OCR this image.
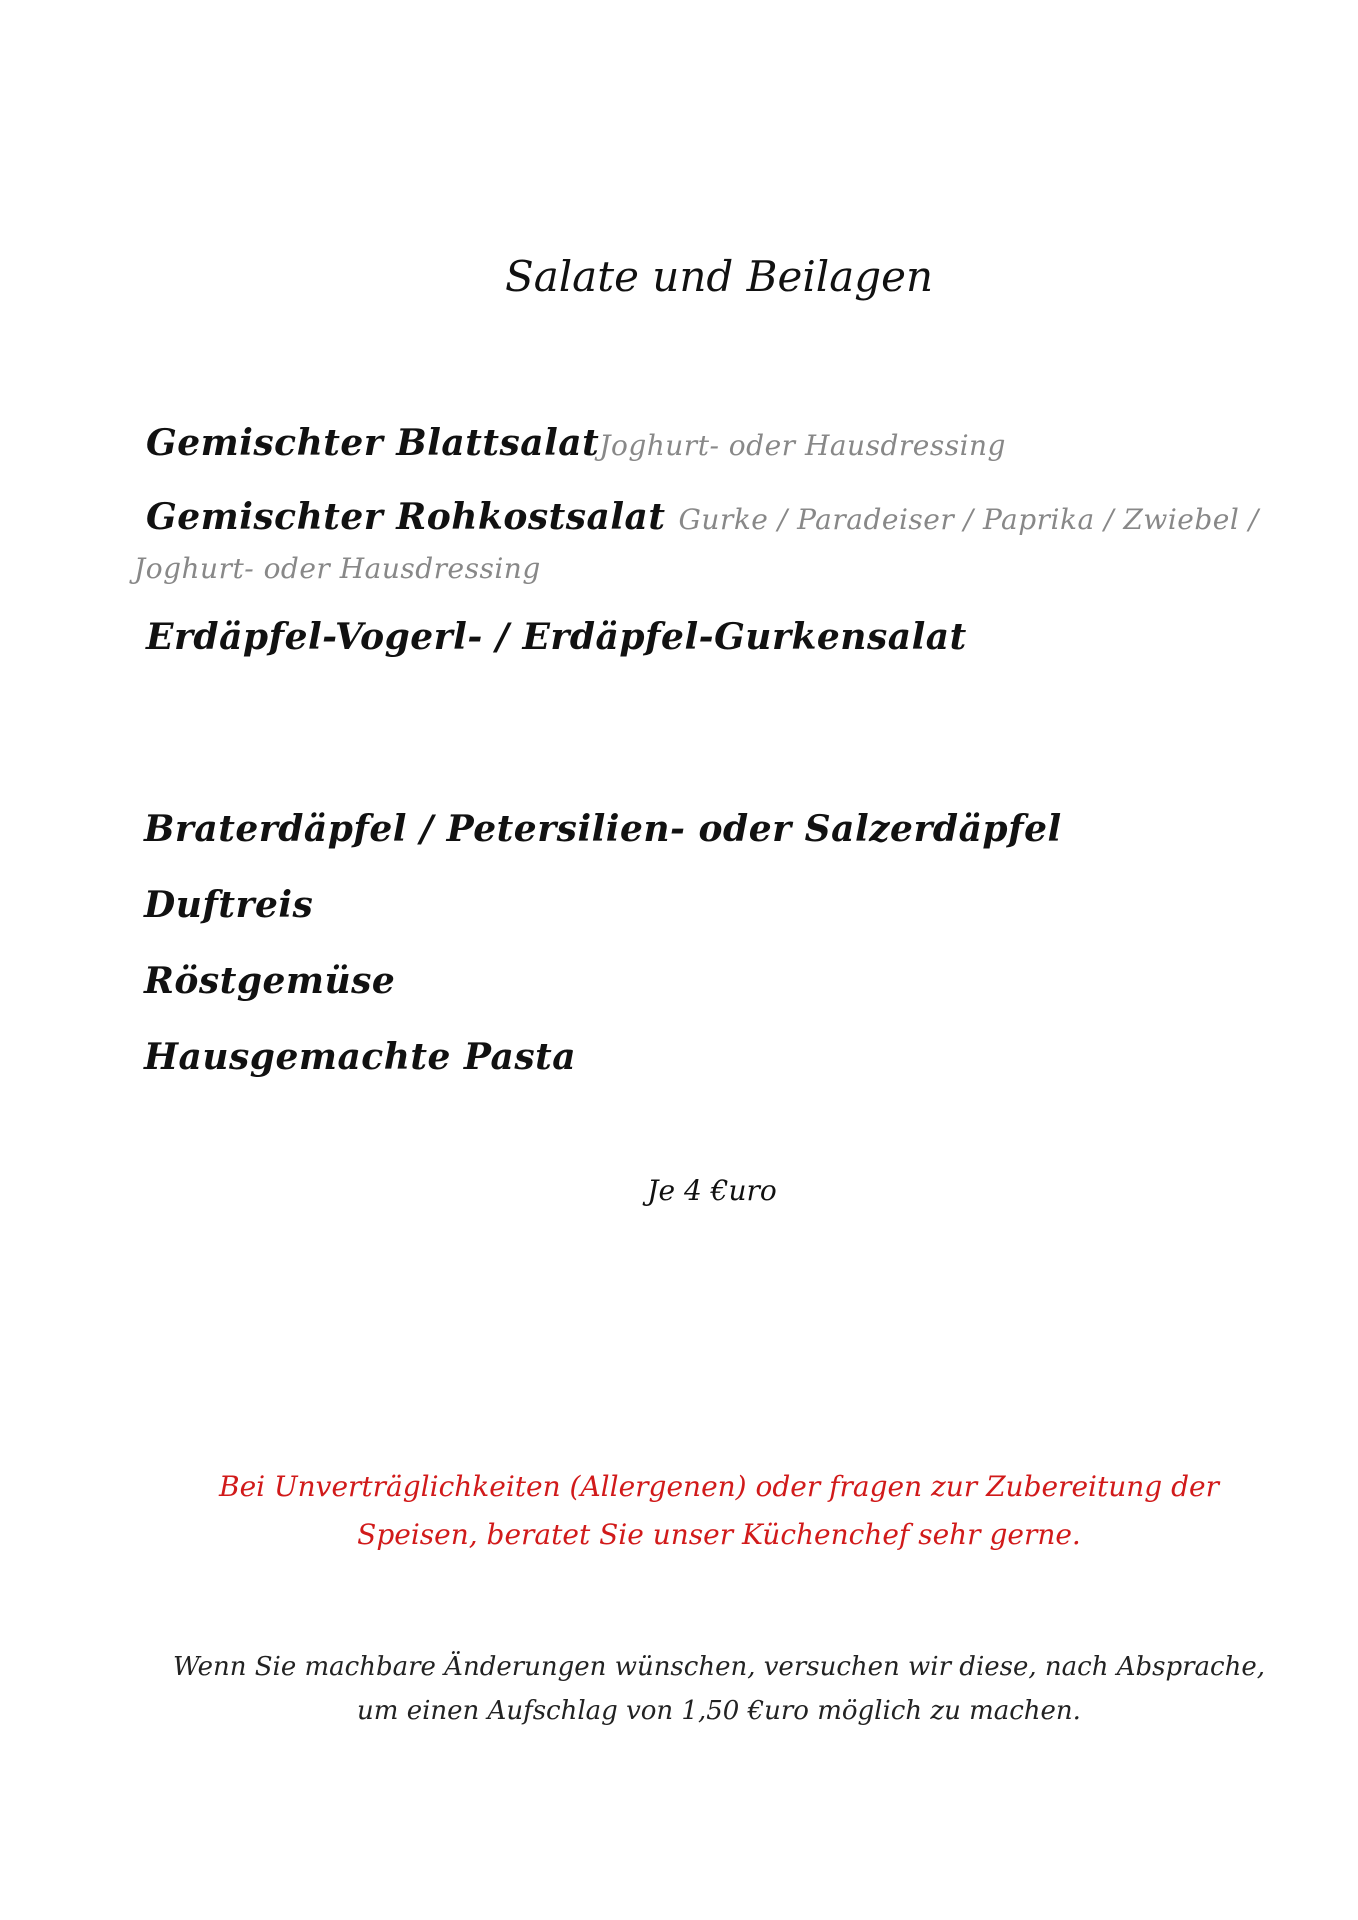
Salate und Beilagen
Gemischter BlattsalatJoghurt- oder Hausdressing
Gemischter Rohkostsalat Gurke / Paradeiser / Paprika / Zwiebel /
Joghurt- oder Hausdressing
Erdäpfel-Vogerl- / Erdäpfel-Gurkensalat
Braterdäpfel / Petersilien- oder Salzerdäpfel
Duftreis
Röstgemüse
Hausgemachte Pasta
Je 4 €uro
Bei Unverträglichkeiten (Allergenen) oder fragen zur Zubereitung der
Speisen, beratet Sie unser Küchenchef sehr gerne.
Wenn Sie machbare Änderungen wünschen, versuchen wir diese, nach Absprache,
um einen Aufschlag von 1,50 €uro möglich zu machen.
